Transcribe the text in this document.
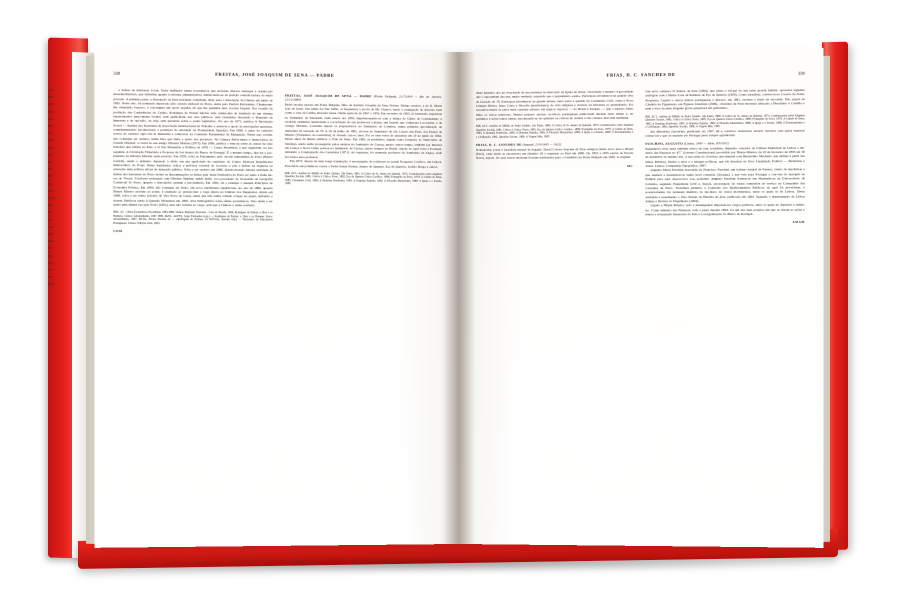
«A C

fenó

num

hom

mai

que

e re

vida

de g

a in

que

enc

dad

vid

a co

É um

nha

são

ção

o qu

mov

inco

em

esq

extr

a si

Soci

De E

338	FREITAS, JOSÉ JOAQUIM DE SENA — PADRE

a defesa de interesses locais. Entre múltiplos temas económicos que abordou, merece destaque a orienta-ção descentralizadora, que defendeu quanto à reforma administrativa, demarcando-se da posição centrali-zadora do então governo. A primeira parte, a dissolução da Ente incidente contribuiu, aliás, para a dissolução da Câmara em junho de 1881. Neste ano, foi nomeado depu-tado pelo círculo eleitoral do Porto, ainda pelo Partido Reformista. Chamavam-lhe «deputado fogoso», e con-seguiu um apoio popular tal que lhe permitiu uma vi-tória folgada. Por ocasião da proibição das Conferências do Casino, Rodrigues de Freitas iniciou uma campa-nha de denúncia de um sistema representativo mera-mente formal, sem publicidade dos atos públicos, sem verdadeira discussão e liberdade de imprensa e de opi-nião, ou seja, sem garantias sobre o poder legislativo. No ano de 1871, publica A Revolução Social — Análise das Doutrinas da Associação Internacional de Trabalho e assen-ta o apoio às associações operárias, complementando ins-titucional a proibição da atividade da Fraternidade Operária. Em 1889, é autor do relatório acerca do cadastro agrí-cola in Industrial e comercial, na Comissão Parlamentar de Emigração. Nesse ano, porém, não consegue ser reeleito, numa lista que tinha o apoio dos governos. Na Câmara Refor-mista e democrática do Grande Oriental, a coorte do seu amigo Oliveira Martins (1873). Em 1880, publica o estu-do sobre as causas de crise bancária que existia no País, e O Vae Monetário e Política de 1876 — Causa Monetária, a que seguiriam, no ano seguinte, A Circulação Fiduciária e Proposta de Lei Acerca do Banco de Portugal. É o mesmo tempo, dire-tor e pro-prietário da Oliveira Martins neste período. Em 1878, volta ao Parlamento, pelo círculo uninominal do Porto (Bairro Central), sendo o primeiro deputado a eleito em sua quali-dade de candidato do Centro Eleitoral Republicano Democrático do Porto. Nessa legislatura, critica a polí-tica colonial do Governo e põe a ênfase na vigência na execução uma política eficaz de instrução pública. Volta a ser reeleito em 1889, desenvolvendo intensa atividade de defesa dos interesses do Porto (sobre as discriminações so-fridas pela Junta Federativa do Porto no ramo a linha fér-rea do Norte). Criadores artesanais com Oliveira Martins, sendo eleito vice-presidente da Sociedade de Geografia Comercial do Porto, quando o historiador assume a pre-sidência. Em 1883, dá a estampa o manual Princípios de Economia Política. Em 1884, não consegue ser eleito, em nova candidatura republicana. Ao ano de 1886, quando Hintze Ribeiro ascende ao poder, é chamado ao presen-cher a vaga aberta na Câmara dos Deputados. Ainda em 1889, volta a ser eleito (círculo de Vila Nova de Gaia), ainda que não tenha voltado ocupar do papel, atribuído e doente. Publicou ainda A Questão Monetária em 1890, obra bibliográfica sobre temas económicos. Veio ainda a ser eleito uma última vez pelo Porto (1891), mas não voltaria ao cargo, sem que a Câmara o tenha aceitado.

BIB.: d.f. : Obras Económicas Escolhidas, 1883-1889. Lisboa: Imprensa Nacional - Casa da Moeda, 1996; Rodrigues de Freitas: a Obra e os Homens. Lisboa: Afrontamento, 1997. BIB. PASS.: ALVES, Jorge Fernandes (org.) — Rodrigues de Freitas: a Obra e os Homens. Porto: Afrontamento, 1997; SILVA, Álvaro Ferreira da — «Rodrigues de Freitas». In NÓVOA, António (dir.) — Dicionário de Educadores Portugueses. Lisboa: Edições ASA, 2003.

COM

FREITAS, JOSÉ JOAQUIM DE SENA — PADRE (Ponta Delgada, 21/7/1840 — Rio de Janeiro, 21/12/1889)

Padre secular nasceu em Ponta Delgada, filho de Antônio Joaquim de Sena Freitas, fidalgo escritor, e de D. Maria José de Jesus. Seu irmão foi Vaz Velho, ai frequentou a escola de Mr. Chance, tendo a conjugação do Autores, bem como a casa de Cunha, morador nessa cidade agrícola de 1847 a 1850. Em ou-tubro de 1855, já tonsurado, ingressou no Seminário de Santarém, onde esteve até 1858, impressionando-se com a leitura do Gênio de Cristianismo; é recebido estímulos intelectuais e vocacionais do seu profes-sor Labarut, um francês que conhecera Lacordaire, e de cónego Martens. Concluiu depois os preparatórios no Seminário de Coimbra, numa primeira aproximação da atmosfera da Geração de 70. A 19 de junho de 1861, en-trou no Seminário de São Lázaro em Paris, dos Padres da Missão (Vicentinos ou Lazaristas), ai vivendo cin-co anos. Foi os seus votos de lazaristas em 19 de junho de 1862, meses antes de Renan publicar a Vida de Jesus. Em 1865, já presbítero, seguiu como formador ao Semi-nário de Santiago, tendo então prosseguido pelos ensinos no Seminário de Caraça; quatro outros tempo, também por missões em Caraça e Nova Lima; passou no Seminário de Caraça, quatro tempos no Brasil, depois do qual volta a Portugal, deixando a Congregação dos Lazaristas (1871). Ao regressar, foi nomeado professor do Seminário de Angra, onde foi vários anos professor.

Em 1873, depois de uma longa tramitação, é encarregado de colaborar no jornal Progresso Católico, em Lisboa. Envolvido em polémicas contra o Padre Senna Freitas, Antero de Quental, Eça de Queirós, Teófilo Braga e outros.

BIB. ACT.: Análise do Milhão do Padre Zózimo. São Paulo, 1881; A Crítica do Sr. Antero de Quental, 1875; Considerações sobre Algumas Questões Sociais, 1881; Crítica à Crítica. Porto, 1885; Eça de Queirós Crítico Católico, 1888; Evangelho do Povo, 1879; A Cidade de Deus, 1885; Casamento Civil, 1882; A Doutrina Positivista, 1885; A Doutrina Espírita, 1882; A Filosofia Materialista, 1888; A Igreja e o Estado, 1880.

FRIAS, D. C. SANCHES DE	339

deste primeiro ano na vivacidade da sua presença na marcação da Igreja da altura, vivacidade e mesmo ri-gorosidade que o aproximam das que, muito sentindo, responde que o pensamento «quis». Participou ativamen-te na grande obra da Geração de 70. Participou ativamen-te na grande debate, tanto sobre a questão do Casamento Civil, como à Nova Liturgia Divina, Jesus Cristo à filosofia (positivismo), da vida religiosa e clerical, da literatura ao aprendizado. Foi sucessiva-mente se pelos mais variadas saberes, em regis-to rigoroso — do Brasil à Turquia —, que o espírito latino tinha os traços interiores. Muitos projetos autores ca-tólicos portugueses publicaram durante tanto tempo e, na polémica e sobre tantos temas, encontrando-se de opiniões ou críticas de crentes e não-crentes, mas sem nenhuma.

BIB. ACT.: Análise do Milhão do Padre Zózimo. São Paulo, 1880; A Crítica do Sr. Antero de Quental, 1875; Considerações sobre Algumas Questões Sociais, 1881; Crítica à Crítica. Porto, 1885; Eça de Queirós Crítico Católico, 1888; Evangelho do Povo, 1879; A Cidade de Deus, 1885; A Doutrina Positivista, 1885; A Doutrina Espírita, 1882; A Filosofia Materialista, 1888; A Igreja e o Estado, 1880; O Protestantismo e a Civilização, 1882; Questões Sociais, 1880; A Virgem Mãe, 1885.

FRIAS, D. C. SANCHES DE (Arganil, 2/10/1845 — 1922)

Romancista, poeta e jornalista natural de Arganil, David Correia Sanches de Frias emigrou muito novo para o Brasil (Pará), onde ainda se encontrava em Outubro 18 o regressar ao Pará em 1880. De 1853 a 1855 esteve na Escola Naval, depois. Os seus textos mostram ficaram trasladados para o Cemitério de Ponta Delgada em 1926. A original.

MC

Um novo romance O Senhor de Irias (1894), que relata a vul-gar do seu reino grande família, apresenta algumas analogias com a Ilustre Casa de Ramires de Eça de Queirós (1900). Como jornalista, colaborou no Correio da Noite, Progresso, Capital e outros diários portuguesas e director, em 1881, recebeu o título de vizconde. Não pagou de Cândido de Figueiredo, em Figuras Literárias (1906), «Sanches de Frias mostrará afeiçado a Hercúlano e Castilho e nem a toxo da mais fulgente glória perpetrará em galicismo».

BIB. ACT.: Análise do Milhão do Padre Zózimo. São Paulo, 1880; A Crítica do Sr. Antero de Quental, 1875; Considerações sobre Algumas Questões Sociais, 1881; Crítica à Crítica. Porto, 1885; Eça de Queirós Crítico Católico, 1888; Evangelho do Povo, 1879; A Cidade de Deus, 1885; A Doutrina Positivista, 1885; A Doutrina Espírita, 1882; A Filosofia Materialista, 1888; A Igreja e o Estado, 1880; O Protestantismo e a Civilização, 1882; Questões Sociais, 1880; A Virgem Mãe, 1885.

Em Memórias Literárias, publicada em 1907, dá a conhecer numerosos autores menores com quem manteve contac-tos e que os mantém em Portugal para sempre agradecido.

FUSCHINI, AUGUSTO (Lisboa, 1843 — Idem, 8/3/1911)

Engenheiro civil, mais também crítico de arte, jornalista, deputado, vereador da Câmara Municipal de Lisboa e mi-nistro das Finanças no 47.º Governo Constitucional, pre-sidido por Hintze Ribeiro, de 20 de fevereiro de 1893 até 30 de dezembro do mesmo ano. A sua saída do Governo, jun-tamente com Bernardino Machado, que definia a partir das Obras Públicas, findou a neve e a intrigas políticas, que ele descritas no livro Liquidação Política — Memórias e Anais. Lisboa, Companhia Tipográfica, 1897.

Augusto Maria Fuschini descendia de Francisco Fuschini, um italiano natural de Faenza, centro de mecânicas e que ensinou a estabelecer-se numa nova contenda (Alcanja), e que veio para Portugal a con-vite do marquês de Pombal para aqui desenvolver essa indústria. Augusto Fuschini formou-se em Matemáticas na Universidade de Coimbra, seguindo Engenharia Civil e, depois, encarregado de várias comissões de serviço na Companhia das Carruihas de Ferro. Trabalhou primeiro a Comissão dos Melhoramentos Públicos, da qual foi pre-sidente, e posteriormente foi nomeado membro do ins-tituto de vários movimentos, entre os quais se de Lisboa. Dessa atividade é testemunho o livro Ensaio de História da Arte, publicado em 1904. Segundo o departamento de Lisboa Antiga e Revista do Engenheiro (1904).

Ligado a Hintze Ribeiro, veio a desempenhar importan-tes cargos políticos, entre os quais de deputado e minis-tro. Como ministro das Finanças, com a pasta durante 1893, foi um dos seus projetos em que se deram as ações e tentou a restauração financeira do País e à reorganização do Banco de Portugal.

AMAM
